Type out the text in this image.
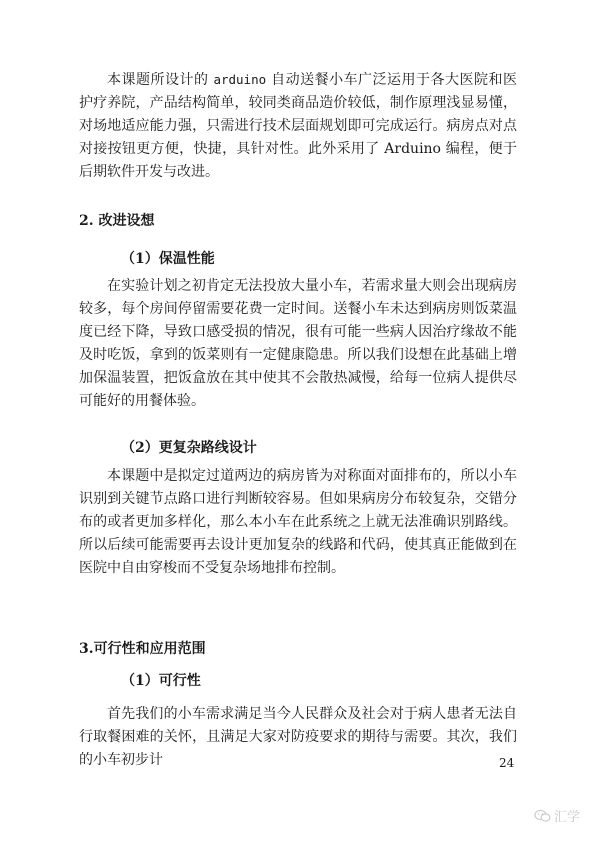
本课题所设计的 arduino 自动送餐小车广泛运用于各大医院和医护疗养院，产品结构简单，较同类商品造价较低，制作原理浅显易懂，对场地适应能力强，只需进行技术层面规划即可完成运行。病房点对点对接按钮更方便，快捷，具针对性。此外采用了 Arduino 编程，便于后期软件开发与改进。

2. 改进设想
（1）保温性能

在实验计划之初肯定无法投放大量小车，若需求量大则会出现病房较多，每个房间停留需要花费一定时间。送餐小车未达到病房则饭菜温度已经下降，导致口感受损的情况，很有可能一些病人因治疗缘故不能及时吃饭，拿到的饭菜则有一定健康隐患。所以我们设想在此基础上增加保温装置，把饭盒放在其中使其不会散热减慢，给每一位病人提供尽可能好的用餐体验。

（2）更复杂路线设计

本课题中是拟定过道两边的病房皆为对称面对面排布的，所以小车识别到关键节点路口进行判断较容易。但如果病房分布较复杂，交错分布的或者更加多样化，那么本小车在此系统之上就无法准确识别路线。所以后续可能需要再去设计更加复杂的线路和代码，使其真正能做到在医院中自由穿梭而不受复杂场地排布控制。

3.可行性和应用范围
（1）可行性

首先我们的小车需求满足当今人民群众及社会对于病人患者无法自行取餐困难的关怀，且满足大家对防疫要求的期待与需要。其次，我们的小车初步计	24
汇学
